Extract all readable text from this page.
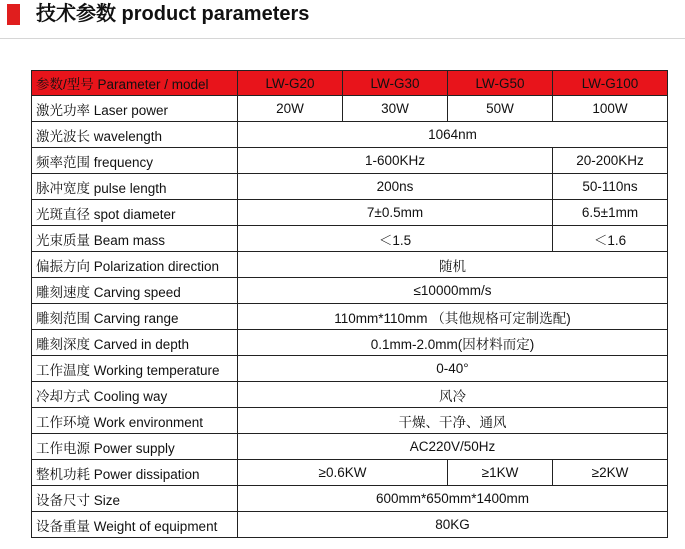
技术参数 product parameters
参数/型号 Parameter / model	LW-G20	LW-G30	LW-G50	LW-G100
激光功率 Laser power	20W	30W	50W	100W
激光波长 wavelength	1064nm			
频率范围 frequency	1-600KHz			20-200KHz
脉冲宽度 pulse length	200ns			50-110ns
光斑直径 spot diameter	7±0.5mm			6.5±1mm
光束质量 Beam mass	＜1.5			＜1.6
偏振方向 Polarization direction	随机			
雕刻速度 Carving speed	≤10000mm/s			
雕刻范围 Carving range	110mm*110mm （其他规格可定制选配)			
雕刻深度 Carved in depth	0.1mm-2.0mm(因材料而定)			
工作温度 Working temperature	0-40°			
冷却方式 Cooling way	风冷			
工作环境 Work environment	干燥、干净、通风			
工作电源 Power supply	AC220V/50Hz			
整机功耗 Power dissipation	≥0.6KW		≥1KW	≥2KW
设备尺寸 Size	600mm*650mm*1400mm			
设备重量 Weight of equipment	80KG			
